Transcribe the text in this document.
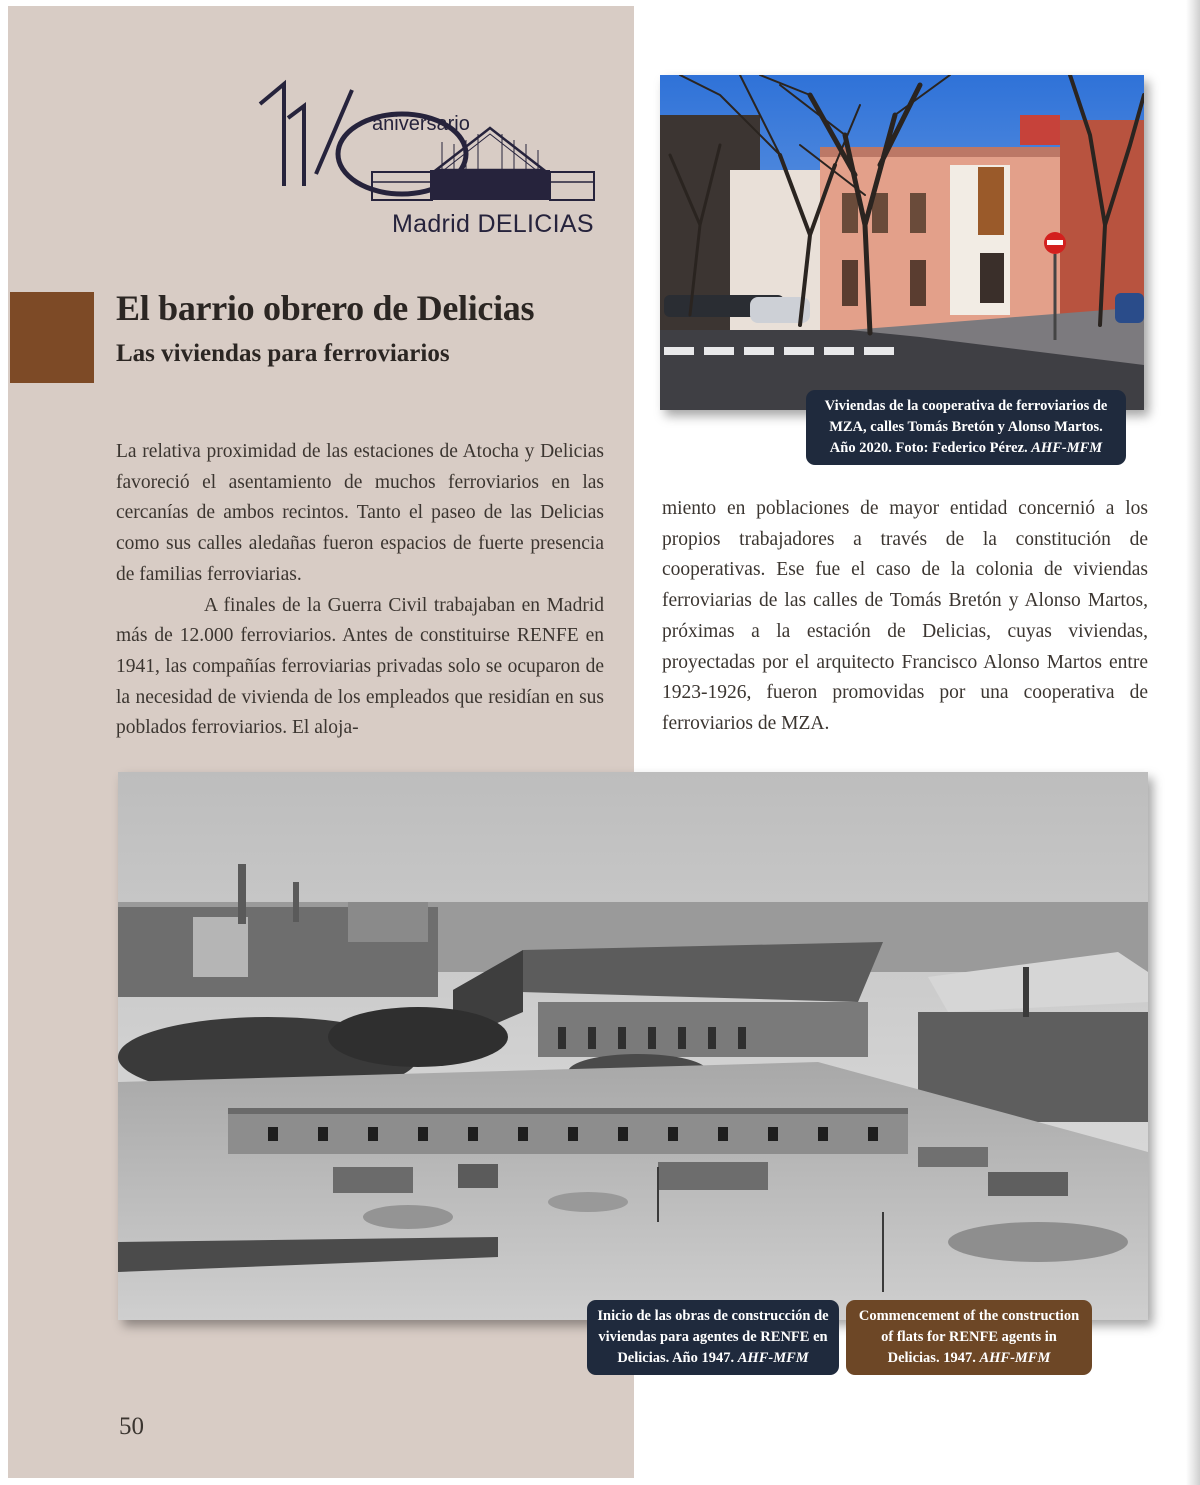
aniversario
Madrid DELICIAS
El barrio obrero de Delicias
Las viviendas para ferroviarios

La relativa proximidad de las estaciones de Atocha y Delicias favoreció el asentamiento de muchos ferroviarios en las cercanías de ambos recintos. Tanto el paseo de las Delicias como sus calles aledañas fueron espacios de fuerte presencia de familias ferroviarias.

A finales de la Guerra Civil trabajaban en Madrid más de 12.000 ferroviarios. Antes de constituirse RENFE en 1941, las compañías ferroviarias privadas solo se ocuparon de la necesidad de vivienda de los empleados que residían en sus poblados ferroviarios. El aloja-

miento en poblaciones de mayor entidad concernió a los propios trabajadores a través de la constitución de cooperativas. Ese fue el caso de la colonia de viviendas ferroviarias de las calles de Tomás Bretón y Alonso Martos, próximas a la estación de Delicias, cuyas viviendas, proyectadas por el arquitecto Francisco Alonso Martos entre 1923-1926, fueron promovidas por una cooperativa de ferroviarios de MZA.

Viviendas de la cooperativa de ferroviarios de MZA, calles Tomás Bretón y Alonso Martos. Año 2020. Foto: Federico Pérez. AHF-MFM
Inicio de las obras de construcción de viviendas para agentes de RENFE en Delicias. Año 1947. AHF-MFM
Commencement of the construction of flats for RENFE agents in Delicias. 1947. AHF-MFM
50
